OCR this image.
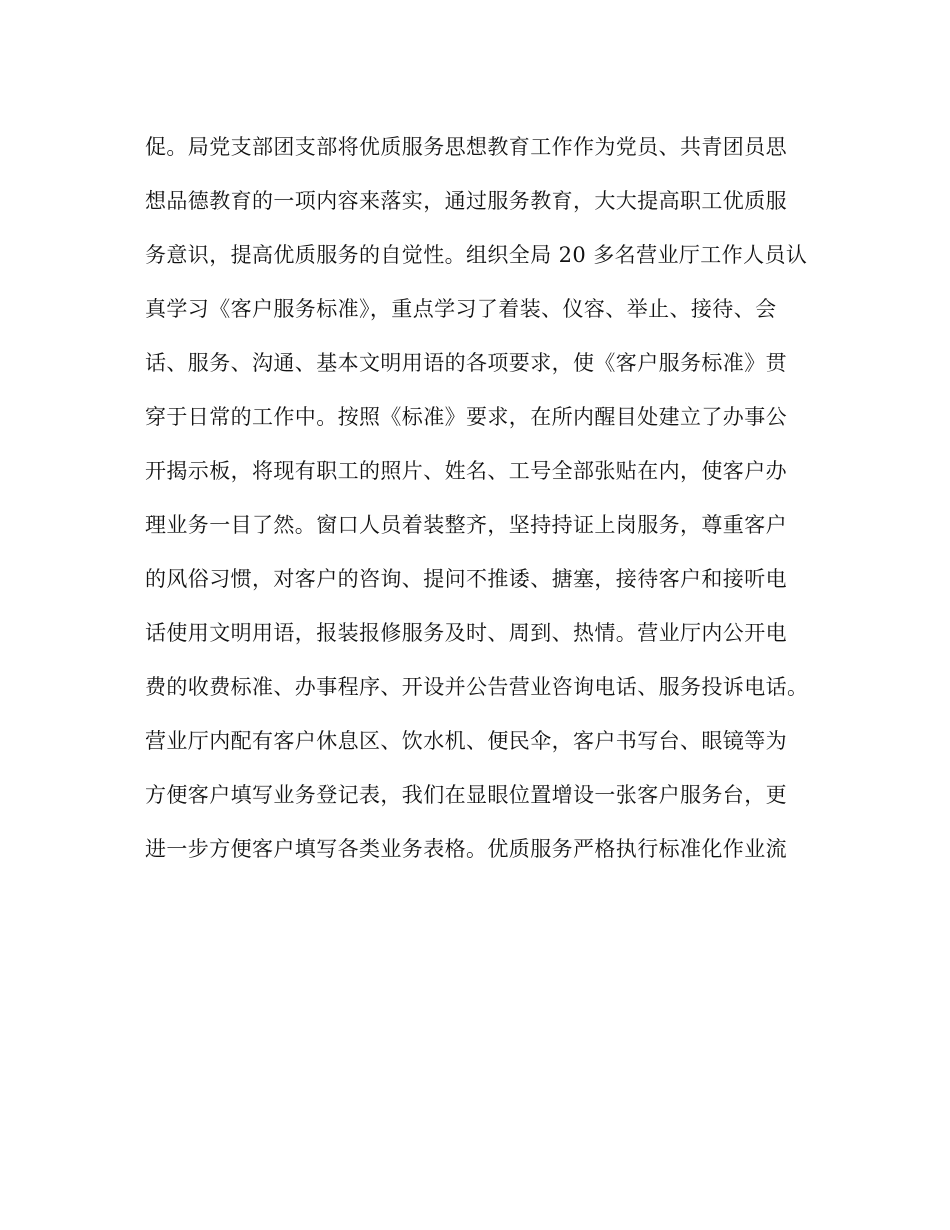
促。局党支部团支部将优质服务思想教育工作作为党员、共青团员思
想品德教育的一项内容来落实，通过服务教育，大大提高职工优质服
务意识，提高优质服务的自觉性。组织全局 20 多名营业厅工作人员认
真学习《客户服务标准》，重点学习了着装、仪容、举止、接待、会
话、服务、沟通、基本文明用语的各项要求，使《客户服务标准》贯
穿于日常的工作中。按照《标准》要求，在所内醒目处建立了办事公
开揭示板，将现有职工的照片、姓名、工号全部张贴在内，使客户办
理业务一目了然。窗口人员着装整齐，坚持持证上岗服务，尊重客户
的风俗习惯，对客户的咨询、提问不推诿、搪塞，接待客户和接听电
话使用文明用语，报装报修服务及时、周到、热情。营业厅内公开电
费的收费标准、办事程序、开设并公告营业咨询电话、服务投诉电话。
营业厅内配有客户休息区、饮水机、便民伞，客户书写台、眼镜等为
方便客户填写业务登记表，我们在显眼位置增设一张客户服务台，更
进一步方便客户填写各类业务表格。优质服务严格执行标准化作业流
